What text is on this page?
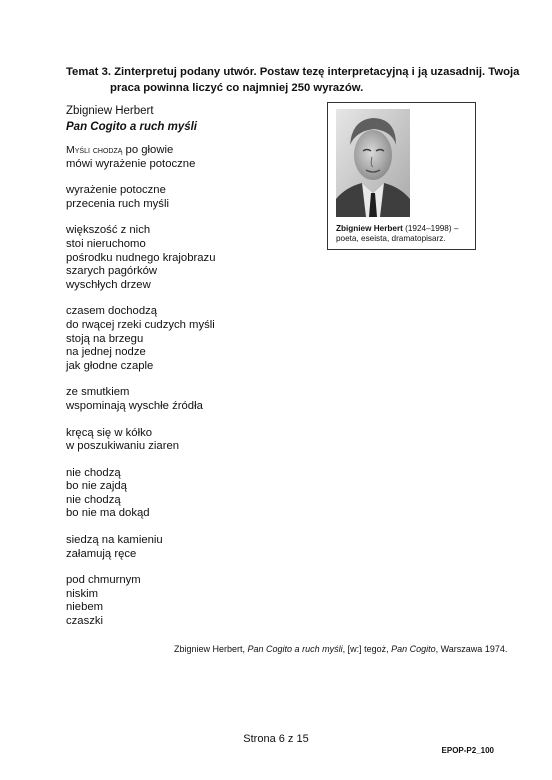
Temat 3. Zinterpretuj podany utwór. Postaw tezę interpretacyjną i ją uzasadnij. Twoja
praca powinna liczyć co najmniej 250 wyrazów.
Zbigniew Herbert
Pan Cogito a ruch myśli
Myśli chodzą po głowie
mówi wyrażenie potoczne
wyrażenie potoczne
przecenia ruch myśli
większość z nich
stoi nieruchomo
pośrodku nudnego krajobrazu
szarych pagórków
wyschłych drzew
czasem dochodzą
do rwącej rzeki cudzych myśli
stoją na brzegu
na jednej nodze
jak głodne czaple
ze smutkiem
wspominają wyschłe źródła
kręcą się w kółko
w poszukiwaniu ziaren
nie chodzą
bo nie zajdą
nie chodzą
bo nie ma dokąd
siedzą na kamieniu
załamują ręce
pod chmurnym
niskim
niebem
czaszki
Zbigniew Herbert (1924–1998) –
poeta, eseista, dramatopisarz.
Zbigniew Herbert, Pan Cogito a ruch myśli, [w:] tegoż, Pan Cogito, Warszawa 1974.
Strona 6 z 15
EPOP-P2_100
